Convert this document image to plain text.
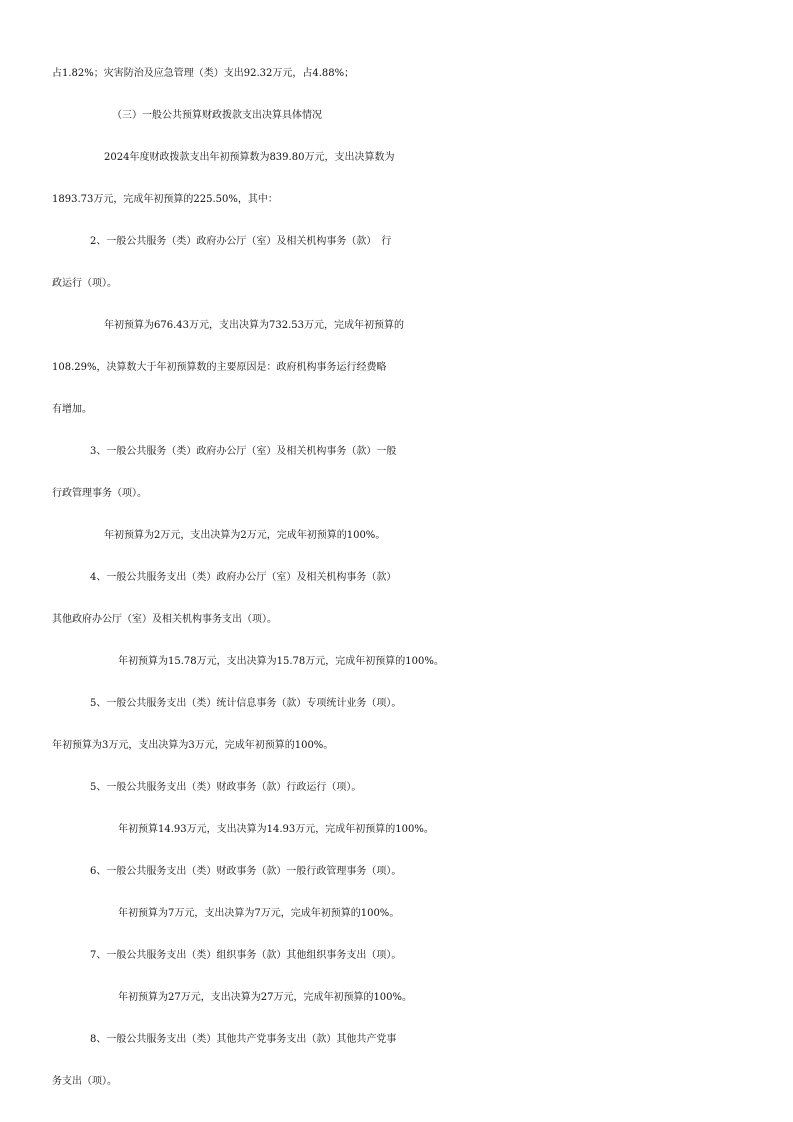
占1.82%；灾害防治及应急管理（类）支出92.32万元，占4.88%；
（三）一般公共预算财政拨款支出决算具体情况
2024年度财政拨款支出年初预算数为839.80万元，支出决算数为
1893.73万元，完成年初预算的225.50%，其中：
2、一般公共服务（类）政府办公厅（室）及相关机构事务（款）　行
政运行（项）。
年初预算为676.43万元，支出决算为732.53万元，完成年初预算的
108.29%，决算数大于年初预算数的主要原因是：政府机构事务运行经费略
有增加。
3、一般公共服务（类）政府办公厅（室）及相关机构事务（款）一般
行政管理事务（项）。
年初预算为2万元，支出决算为2万元，完成年初预算的100%。
4、一般公共服务支出（类）政府办公厅（室）及相关机构事务（款）
其他政府办公厅（室）及相关机构事务支出（项）。
年初预算为15.78万元，支出决算为15.78万元，完成年初预算的100%。
5、一般公共服务支出（类）统计信息事务（款）专项统计业务（项）。
年初预算为3万元，支出决算为3万元，完成年初预算的100%。
5、一般公共服务支出（类）财政事务（款）行政运行（项）。
年初预算14.93万元，支出决算为14.93万元，完成年初预算的100%。
6、一般公共服务支出（类）财政事务（款）一般行政管理事务（项）。
年初预算为7万元，支出决算为7万元，完成年初预算的100%。
7、一般公共服务支出（类）组织事务（款）其他组织事务支出（项）。
年初预算为27万元，支出决算为27万元，完成年初预算的100%。
8、一般公共服务支出（类）其他共产党事务支出（款）其他共产党事
务支出（项）。
